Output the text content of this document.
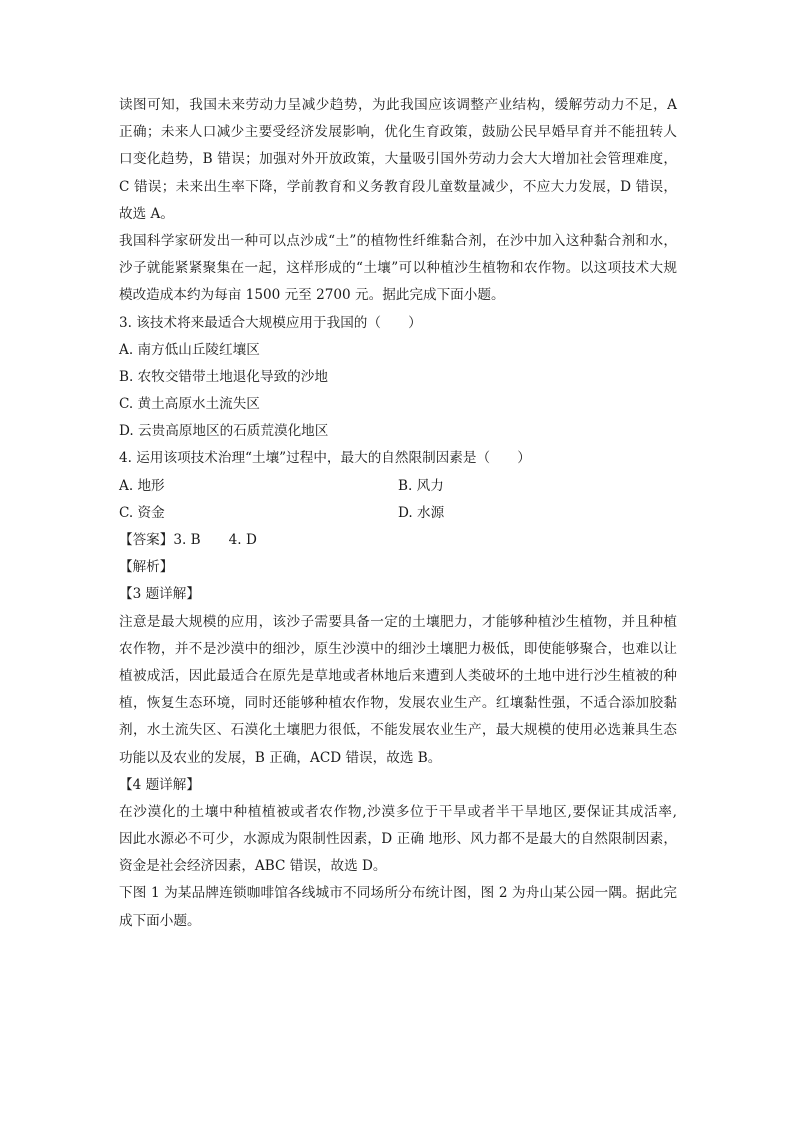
读图可知，我国未来劳动力呈减少趋势，为此我国应该调整产业结构，缓解劳动力不足，A
正确；未来人口减少主要受经济发展影响，优化生育政策，鼓励公民早婚早育并不能扭转人
口变化趋势，B 错误；加强对外开放政策，大量吸引国外劳动力会大大增加社会管理难度，
C 错误；未来出生率下降，学前教育和义务教育段儿童数量减少，不应大力发展，D 错误，
故选 A。
我国科学家研发出一种可以点沙成“土”的植物性纤维黏合剂，在沙中加入这种黏合剂和水，
沙子就能紧紧聚集在一起，这样形成的“土壤”可以种植沙生植物和农作物。以这项技术大规
模改造成本约为每亩 1500 元至 2700 元。据此完成下面小题。
3. 该技术将来最适合大规模应用于我国的（　　）
A. 南方低山丘陵红壤区
B. 农牧交错带土地退化导致的沙地
C. 黄土高原水土流失区
D. 云贵高原地区的石质荒漠化地区
4. 运用该项技术治理“土壤”过程中，最大的自然限制因素是（　　）
A. 地形	B. 风力
C. 资金	D. 水源
【答案】3. B 4. D
【解析】
【3 题详解】
注意是最大规模的应用，该沙子需要具备一定的土壤肥力，才能够种植沙生植物，并且种植
农作物，并不是沙漠中的细沙，原生沙漠中的细沙土壤肥力极低，即使能够聚合，也难以让
植被成活，因此最适合在原先是草地或者林地后来遭到人类破坏的土地中进行沙生植被的种
植，恢复生态环境，同时还能够种植农作物，发展农业生产。红壤黏性强，不适合添加胶黏
剂，水土流失区、石漠化土壤肥力很低，不能发展农业生产，最大规模的使用必选兼具生态
功能以及农业的发展，B 正确，ACD 错误，故选 B。
【4 题详解】
在沙漠化的土壤中种植植被或者农作物,沙漠多位于干旱或者半干旱地区,要保证其成活率,
因此水源必不可少，水源成为限制性因素，D 正确 地形、风力都不是最大的自然限制因素，
资金是社会经济因素，ABC 错误，故选 D。
下图 1 为某品牌连锁咖啡馆各线城市不同场所分布统计图，图 2 为舟山某公园一隅。据此完
成下面小题。
